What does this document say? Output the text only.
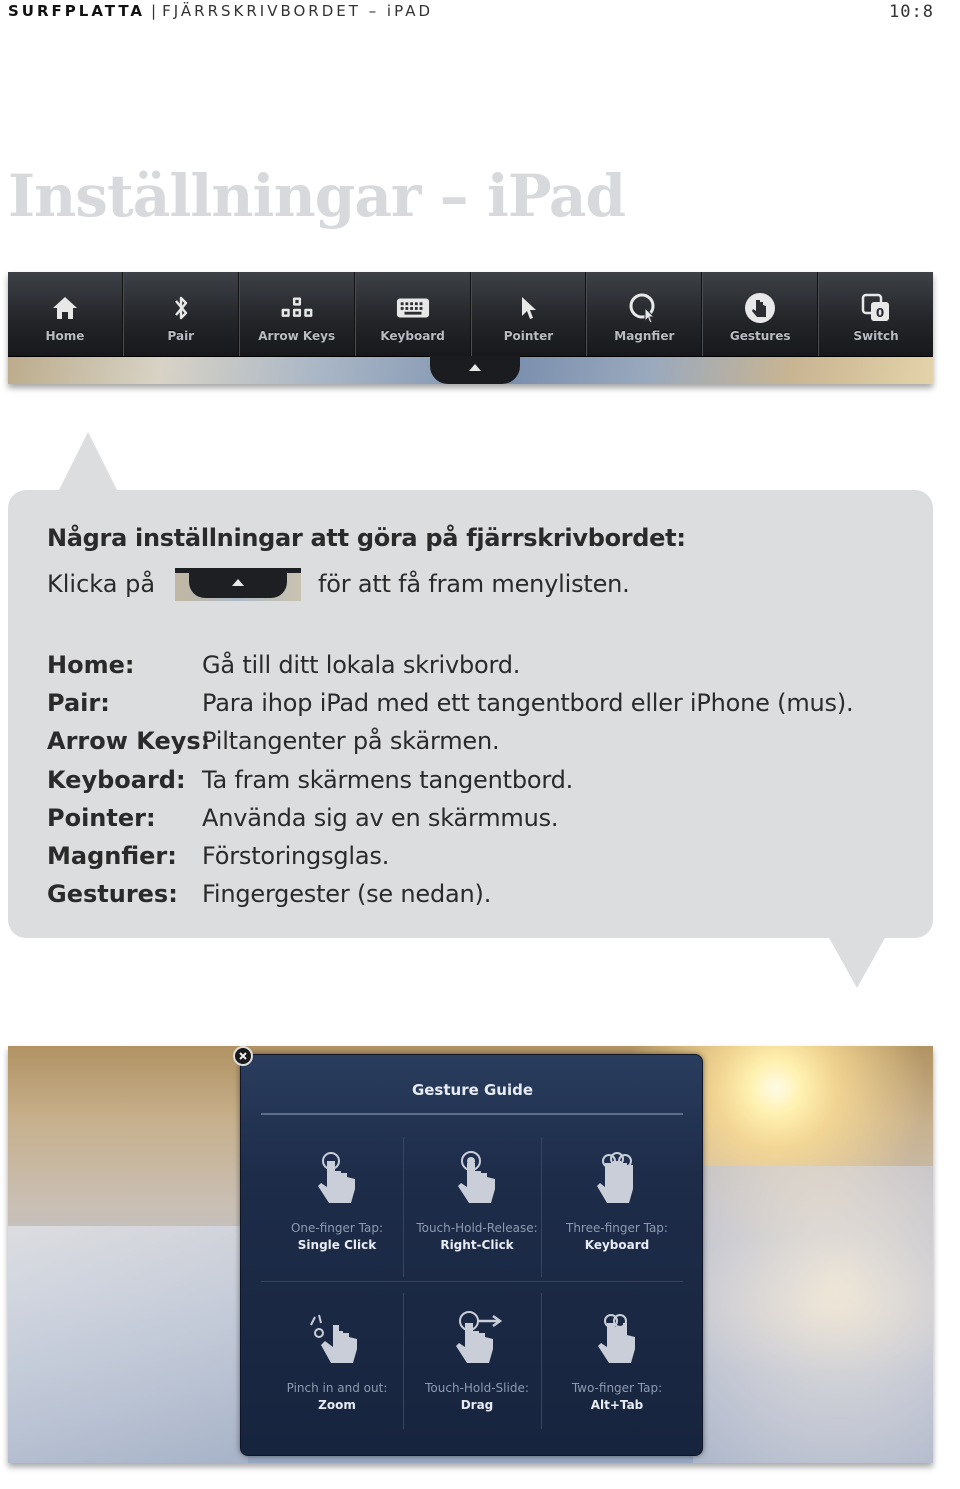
SURFPLATTA | FJÄRRSKRIVBORDET – iPAD	10:8
Inställningar – iPad
Home	Pair	Arrow Keys	Keyboard	Pointer	Magnfier	Gestures
0
Switch
Några inställningar att göra på fjärrskrivbordet:
Klicka på	för att få fram menylisten.
Home:	Gå till ditt lokala skrivbord.
Pair:	Para ihop iPad med ett tangentbord eller iPhone (mus).
Arrow Keys:
Piltangenter på skärmen.
Keyboard: Ta fram skärmens tangentbord.
Pointer:	Använda sig av en skärmmus.
Magnfier:	Förstoringsglas.
Gestures:	Fingergester (se nedan).
Gesture Guide
One-finger Tap:
Single Click
Touch-Hold-Release:
Right-Click
Three-finger Tap:
Keyboard
Pinch in and out:
Zoom
Touch-Hold-Slide:
Drag
Two-finger Tap:
Alt+Tab
